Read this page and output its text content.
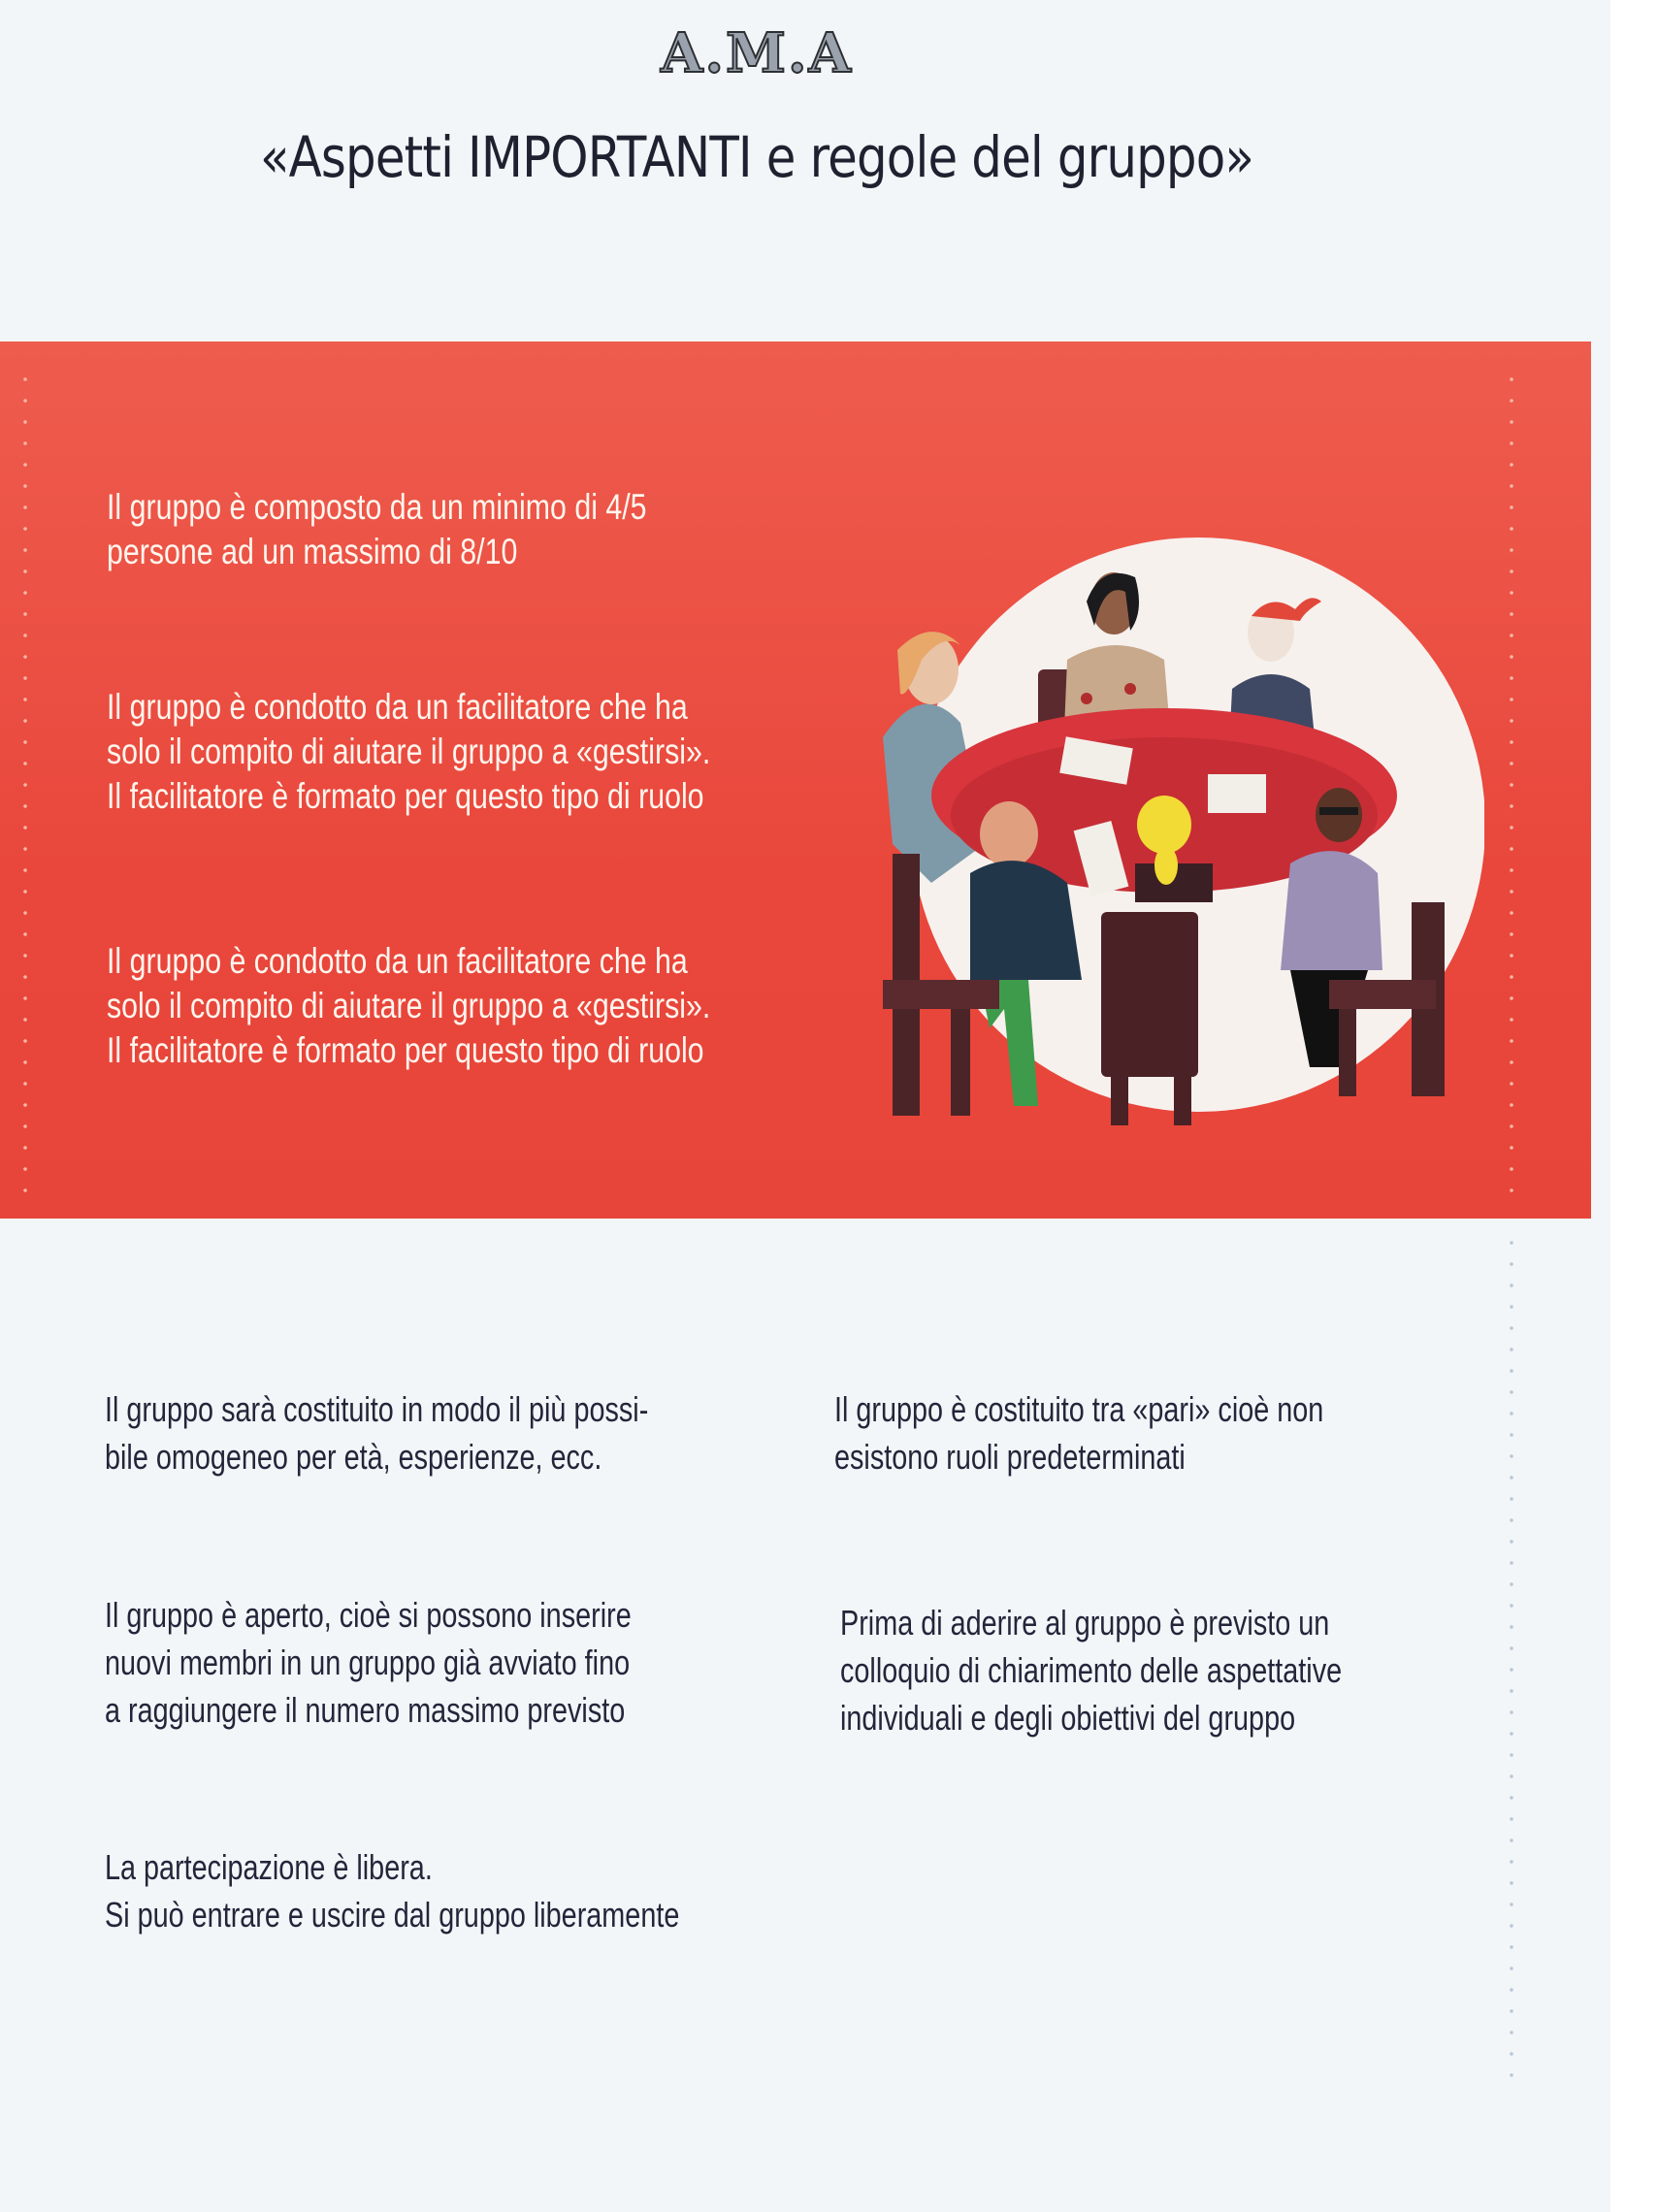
A.M.A
«Aspetti IMPORTANTI e regole del gruppo»

Il gruppo è composto da un minimo di 4/5
persone ad un massimo di 8/10

Il gruppo è condotto da un facilitatore che ha
solo il compito di aiutare il gruppo a «gestirsi».
Il facilitatore è formato per questo tipo di ruolo

Il gruppo è condotto da un facilitatore che ha
solo il compito di aiutare il gruppo a «gestirsi».
Il facilitatore è formato per questo tipo di ruolo

Il gruppo sarà costituito in modo il più possi-
bile omogeneo per età, esperienze, ecc.

Il gruppo è aperto, cioè si possono inserire
nuovi membri in un gruppo già avviato fino
a raggiungere il numero massimo previsto

La partecipazione è libera.
Si può entrare e uscire dal gruppo liberamente

Il gruppo è costituito tra «pari» cioè non
esistono ruoli predeterminati

Prima di aderire al gruppo è previsto un
colloquio di chiarimento delle aspettative
individuali e degli obiettivi del gruppo
